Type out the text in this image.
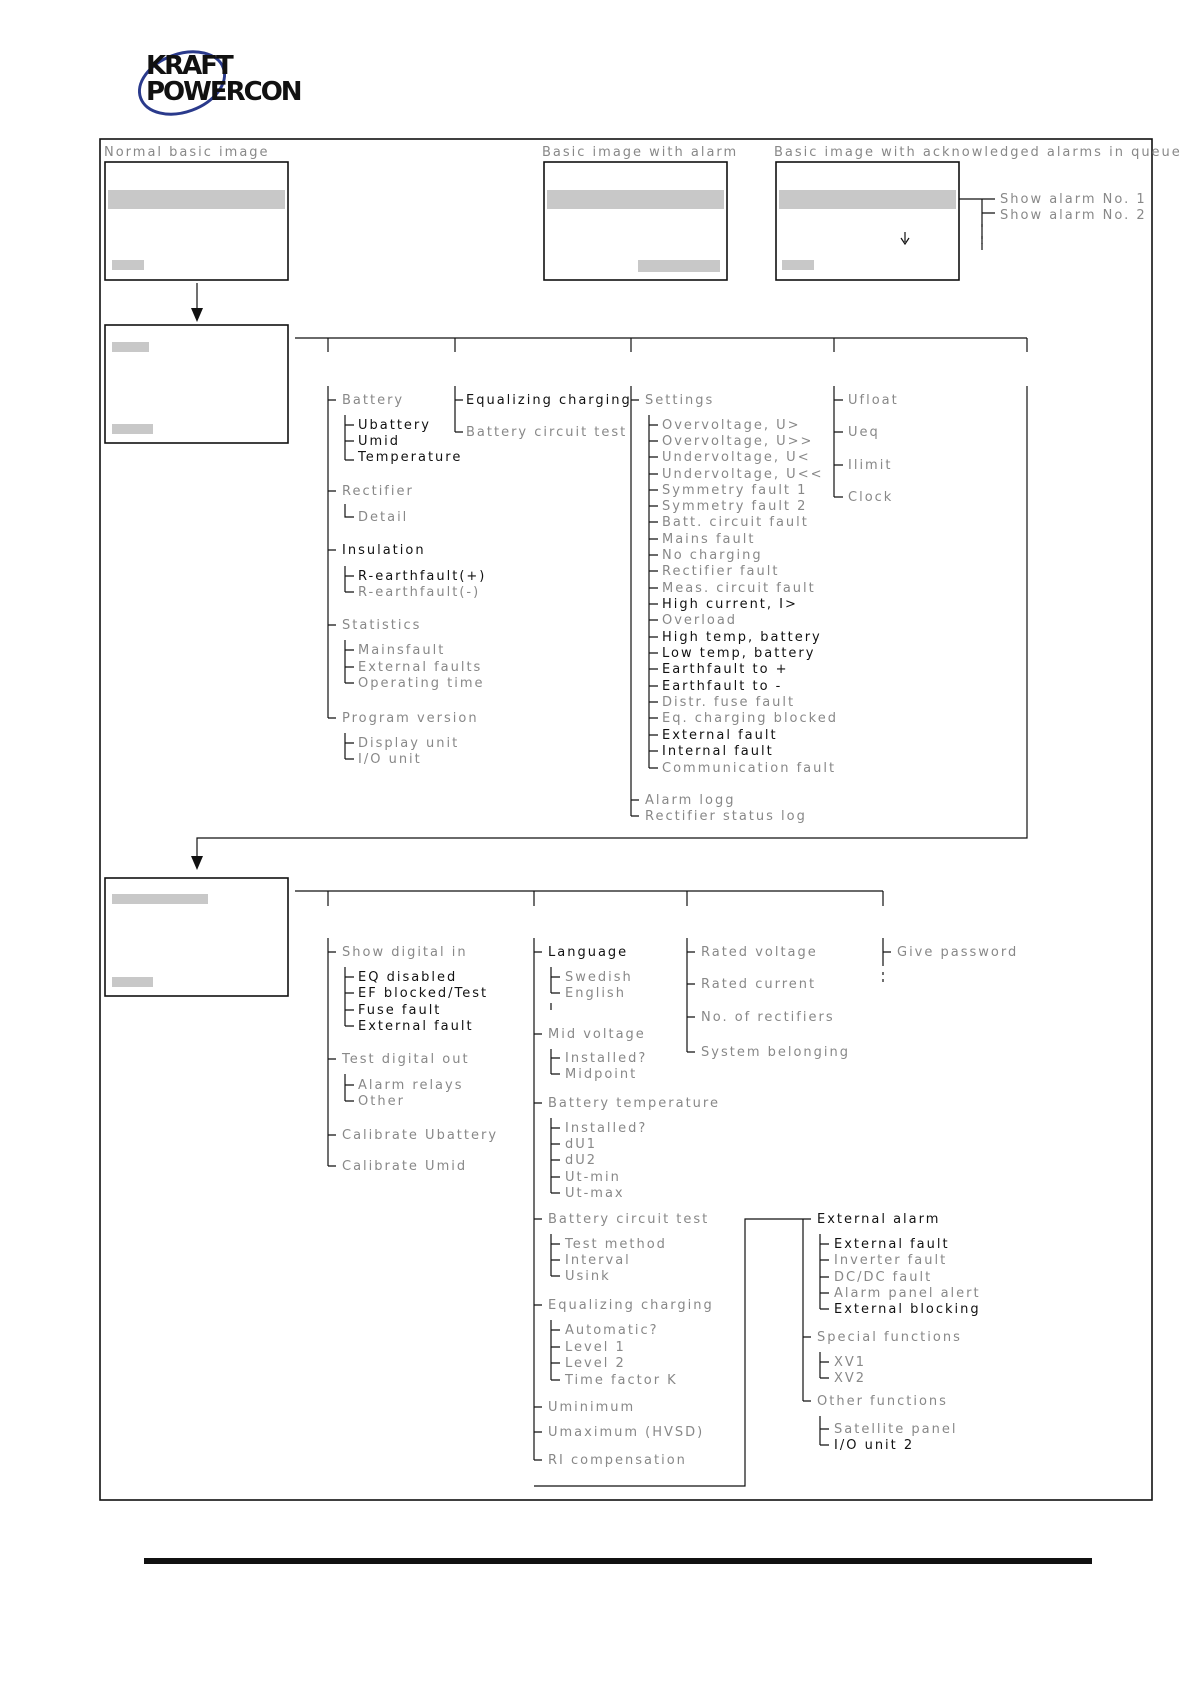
KRAFT
POWERCON
Normal basic image	Basic image with alarm	Basic image with acknowledged alarms in queue
Show alarm No. 1
Show alarm No. 2
Battery
Ubattery
Umid
Temperature
Rectifier
Detail
Insulation
R-earthfault(+)
R-earthfault(-)
Statistics
Mainsfault
External faults
Operating time
Program version
Display unit
I/O unit
Equalizing charging
Battery circuit test
Settings
Overvoltage, U>
Overvoltage, U>>
Undervoltage, U<
Undervoltage, U<<
Symmetry fault 1
Symmetry fault 2
Batt. circuit fault
Mains fault
No charging
Rectifier fault
Meas. circuit fault
High current, I>
Overload
High temp, battery
Low temp, battery
Earthfault to +
Earthfault to -
Distr. fuse fault
Eq. charging blocked
External fault
Internal fault
Communication fault
Alarm logg
Rectifier status log
Ufloat
Ueq
Ilimit
Clock
Show digital in
EQ disabled
EF blocked/Test
Fuse fault
External fault
Test digital out
Alarm relays
Other
Calibrate Ubattery
Calibrate Umid
Language
Swedish
English
Mid voltage
Installed?
Midpoint
Battery temperature
Installed?
dU1
dU2
Ut-min
Ut-max
Battery circuit test
Test method
Interval
Usink
Equalizing charging
Automatic?
Level 1
Level 2
Time factor K
Uminimum
Umaximum (HVSD)
RI compensation
Rated voltage
Rated current
No. of rectifiers
System belonging
Give password
External alarm
External fault
Inverter fault
DC/DC fault
Alarm panel alert
External blocking
Special functions
XV1
XV2
Other functions
Satellite panel
I/O unit 2
